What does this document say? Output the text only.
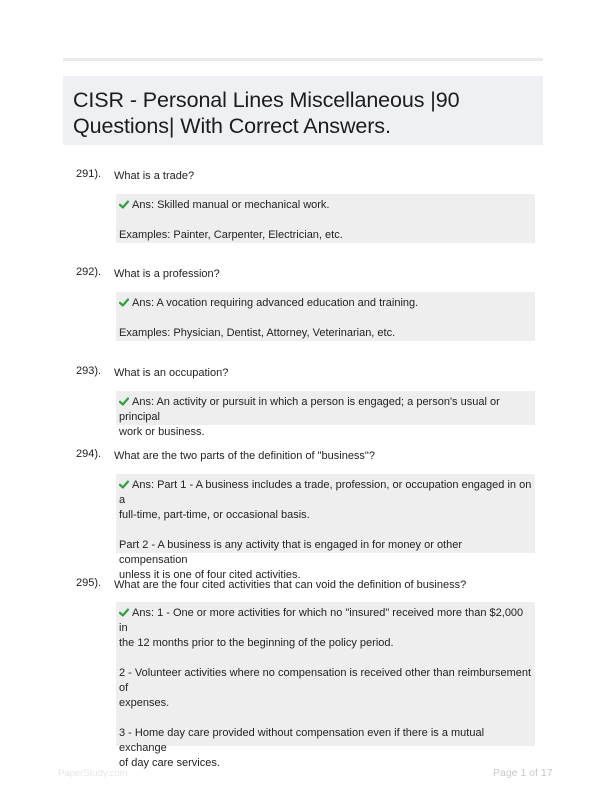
CISR - Personal Lines Miscellaneous |90
Questions| With Correct Answers.
291). What is a trade?

Ans: Skilled manual or mechanical work.

Examples: Painter, Carpenter, Electrician, etc.

292). What is a profession?

Ans: A vocation requiring advanced education and training.

Examples: Physician, Dentist, Attorney, Veterinarian, etc.

293). What is an occupation?

Ans: An activity or pursuit in which a person is engaged; a person's usual or principal

work or business.

294). What are the two parts of the definition of "business"?

Ans: Part 1 - A business includes a trade, profession, or occupation engaged in on a

full-time, part-time, or occasional basis.

Part 2 - A business is any activity that is engaged in for money or other compensation

unless it is one of four cited activities.

295). What are the four cited activities that can void the definition of business?

Ans: 1 - One or more activities for which no "insured" received more than $2,000 in

the 12 months prior to the beginning of the policy period.

2 - Volunteer activities where no compensation is received other than reimbursement of

expenses.

3 - Home day care provided without compensation even if there is a mutual exchange

of day care services.

PaperStudy.com	Page 1 of 17
